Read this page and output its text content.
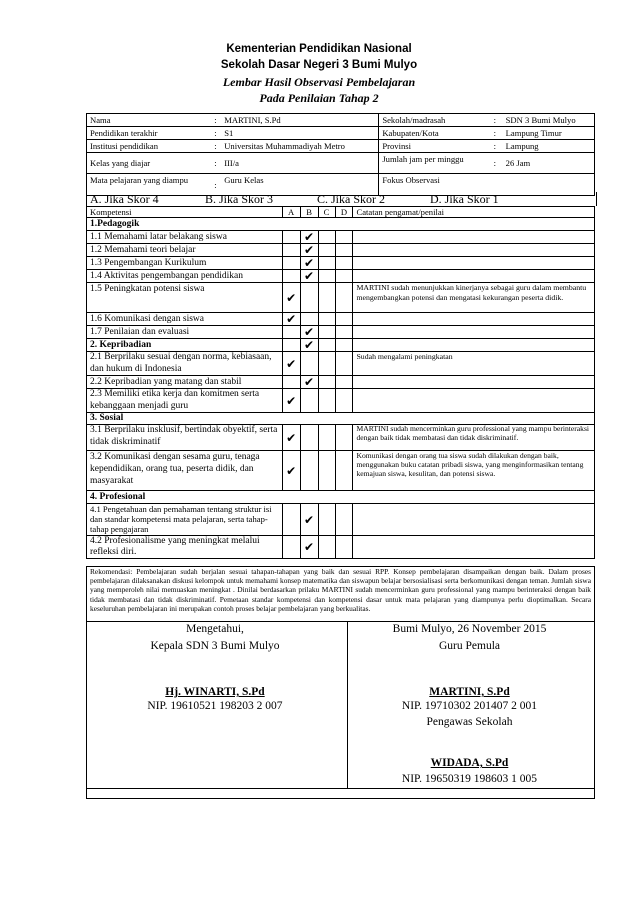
Kementerian Pendidikan Nasional
Sekolah Dasar Negeri 3 Bumi Mulyo
Lembar Hasil Observasi Pembelajaran
Pada Penilaian Tahap 2
Nama	:	MARTINI, S.Pd	Sekolah/madrasah	:	SDN 3 Bumi Mulyo
Pendidikan terakhir	:	S1	Kabupaten/Kota	:	Lampung Timur
Institusi pendidikan	:	Universitas Muhammadiyah Metro	Provinsi	:	Lampung
Kelas yang diajar	:	III/a	Jumlah jam per minggu	:	26 Jam
Mata pelajaran yang diampu	:	Guru Kelas	Fokus Observasi		
A. Jika Skor 4	B. Jika Skor 3	C. Jika Skor 2	D. Jika Skor 1
Kompetensi	A	B	C	D	Catatan pengamat/penilai
1.Pedagogik					
1.1 Memahami latar belakang siswa		✔			
1.2 Memahami teori belajar		✔			
1.3 Pengembangan Kurikulum		✔			
1.4 Aktivitas pengembangan pendidikan		✔			
1.5 Peningkatan potensi siswa	✔				MARTINI sudah menunjukkan kinerjanya sebagai guru dalam membantu mengembangkan potensi dan mengatasi kekurangan peserta didik.
1.6 Komunikasi dengan siswa	✔				
1.7 Penilaian dan evaluasi		✔			
2. Kepribadian		✔			
2.1 Berprilaku sesuai dengan norma, kebiasaan, dan hukum di Indonesia	✔				Sudah mengalami peningkatan
2.2 Kepribadian yang matang dan stabil		✔			
2.3 Memiliki etika kerja dan komitmen serta kebanggaan menjadi guru	✔				
3. Sosial					
3.1 Berprilaku insklusif, bertindak obyektif, serta tidak diskriminatif	✔				MARTINI sudah mencerminkan guru professional yang mampu berinteraksi dengan baik tidak membatasi dan tidak diskriminatif.
3.2 Komunikasi dengan sesama guru, tenaga kependidikan, orang tua, peserta didik, dan masyarakat	✔				Komunikasi dengan orang tua siswa sudah dilakukan dengan baik, menggunakan buku catatan pribadi siswa, yang menginformasikan tentang kemajuan siswa, kesulitan, dan potensi siswa.
4. Profesional					
4.1 Pengetahuan dan pemahaman tentang struktur isi dan standar kompetensi mata pelajaran, serta tahap-tahap pengajaran		✔			
4.2 Profesionalisme yang meningkat melalui refleksi diri.		✔			
Rekomendasi: Pembelajaran sudah berjalan sesuai tahapan-tahapan yang baik dan sesuai RPP. Konsep pembelajaran disampaikan dengan baik. Dalam proses pembelajaran dilaksanakan diskusi kelompok untuk memahami konsep matematika dan siswapun belajar bersosialisasi serta berkomunikasi dengan teman. Jumlah siswa yang memperoleh nilai memuaskan meningkat . Dinilai berdasarkan prilaku MARTINI sudah mencerminkan guru professional yang mampu berinteraksi dengan baik tidak membatasi dan tidak diskriminatif. Pemetaan standar kompetensi dan kompetensi dasar untuk mata pelajaran yang diampunya perlu dioptimalkan. Secara keseluruhan pembelajaran ini merupakan contoh proses belajar pembelajaran yang berkualitas.

Mengetahui,
Kepala SDN 3 Bumi Mulyo
Hj. WINARTI, S.Pd
NIP. 19610521 198203 2 007
Bumi Mulyo, 26 November 2015
Guru Pemula
MARTINI, S.Pd
NIP. 19710302 201407 2 001
Pengawas Sekolah
WIDADA, S.Pd
NIP. 19650319 198603 1 005
